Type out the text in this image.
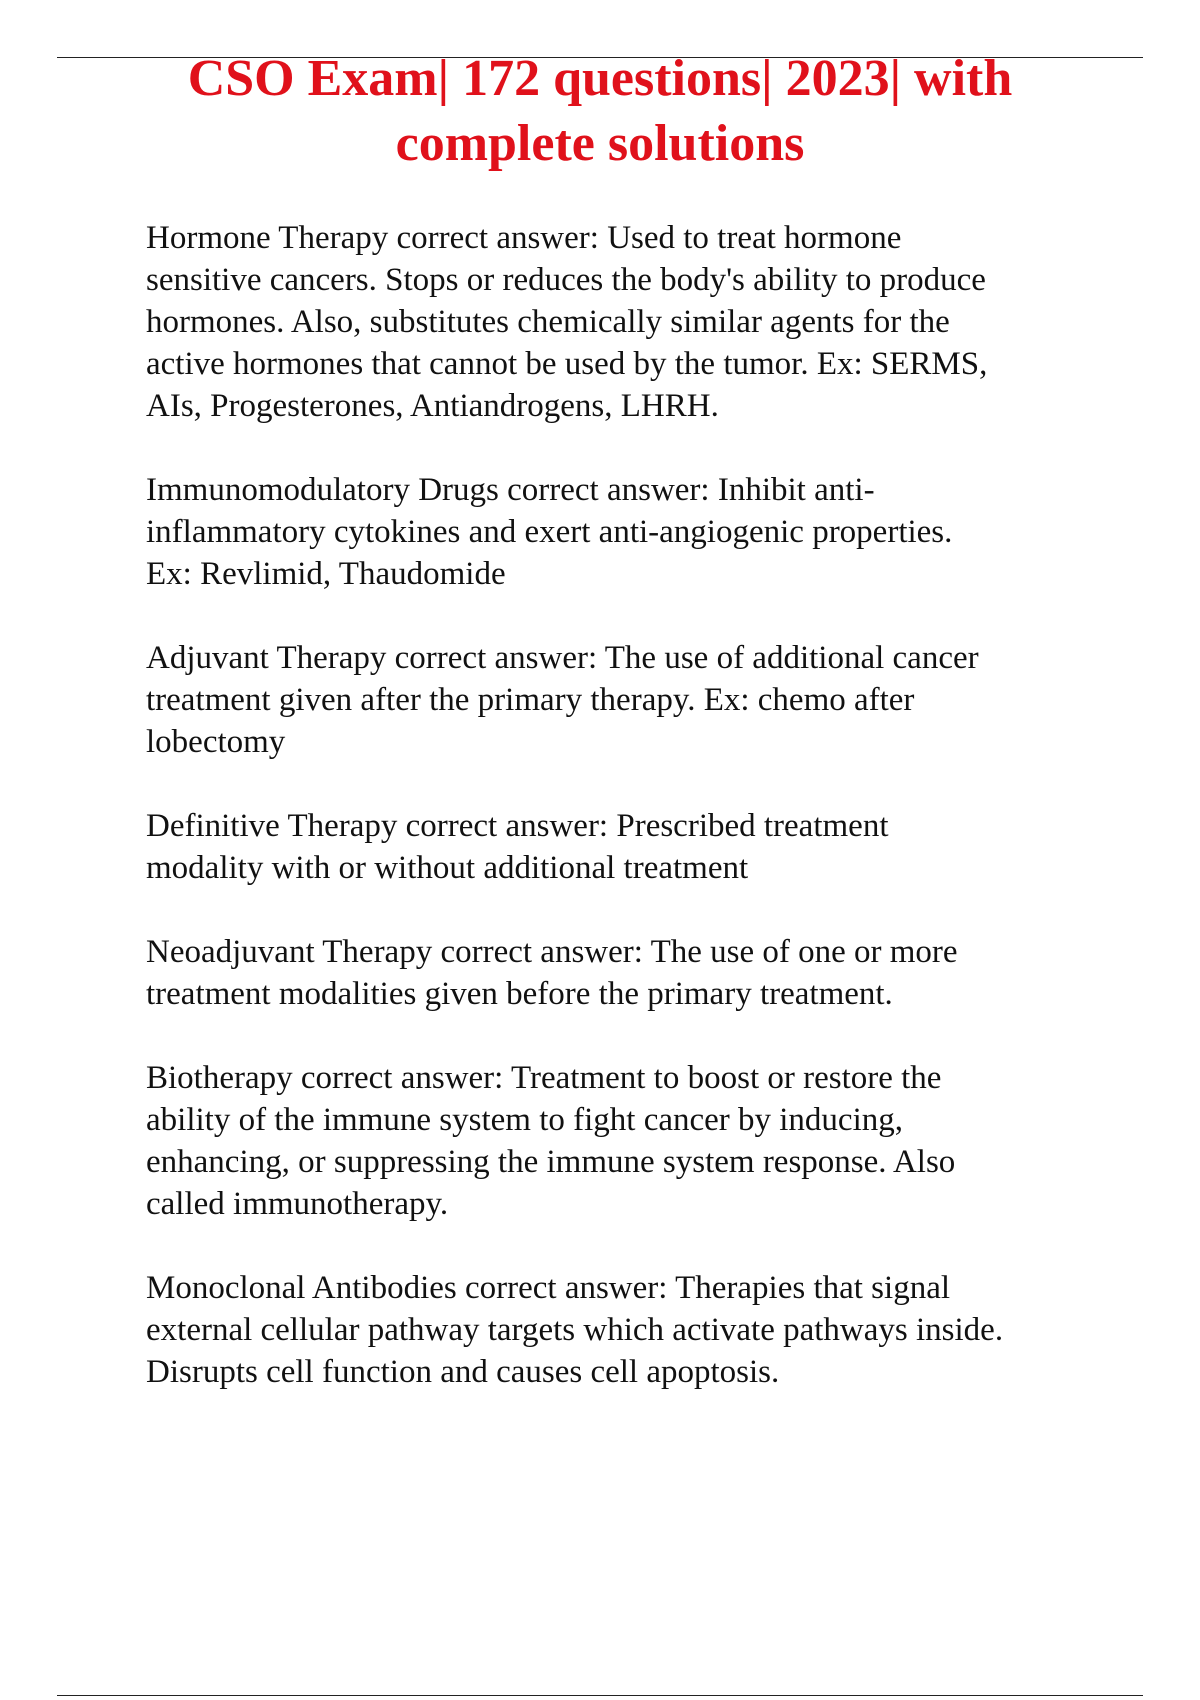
CSO Exam| 172 questions| 2023| with
complete solutions

Hormone Therapy correct answer: Used to treat hormone
sensitive cancers. Stops or reduces the body's ability to produce
hormones. Also, substitutes chemically similar agents for the
active hormones that cannot be used by the tumor. Ex: SERMS,
AIs, Progesterones, Antiandrogens, LHRH.

Immunomodulatory Drugs correct answer: Inhibit anti-
inflammatory cytokines and exert anti-angiogenic properties.
Ex: Revlimid, Thaudomide

Adjuvant Therapy correct answer: The use of additional cancer
treatment given after the primary therapy. Ex: chemo after
lobectomy

Definitive Therapy correct answer: Prescribed treatment
modality with or without additional treatment

Neoadjuvant Therapy correct answer: The use of one or more
treatment modalities given before the primary treatment.

Biotherapy correct answer: Treatment to boost or restore the
ability of the immune system to fight cancer by inducing,
enhancing, or suppressing the immune system response. Also
called immunotherapy.

Monoclonal Antibodies correct answer: Therapies that signal
external cellular pathway targets which activate pathways inside.
Disrupts cell function and causes cell apoptosis.
